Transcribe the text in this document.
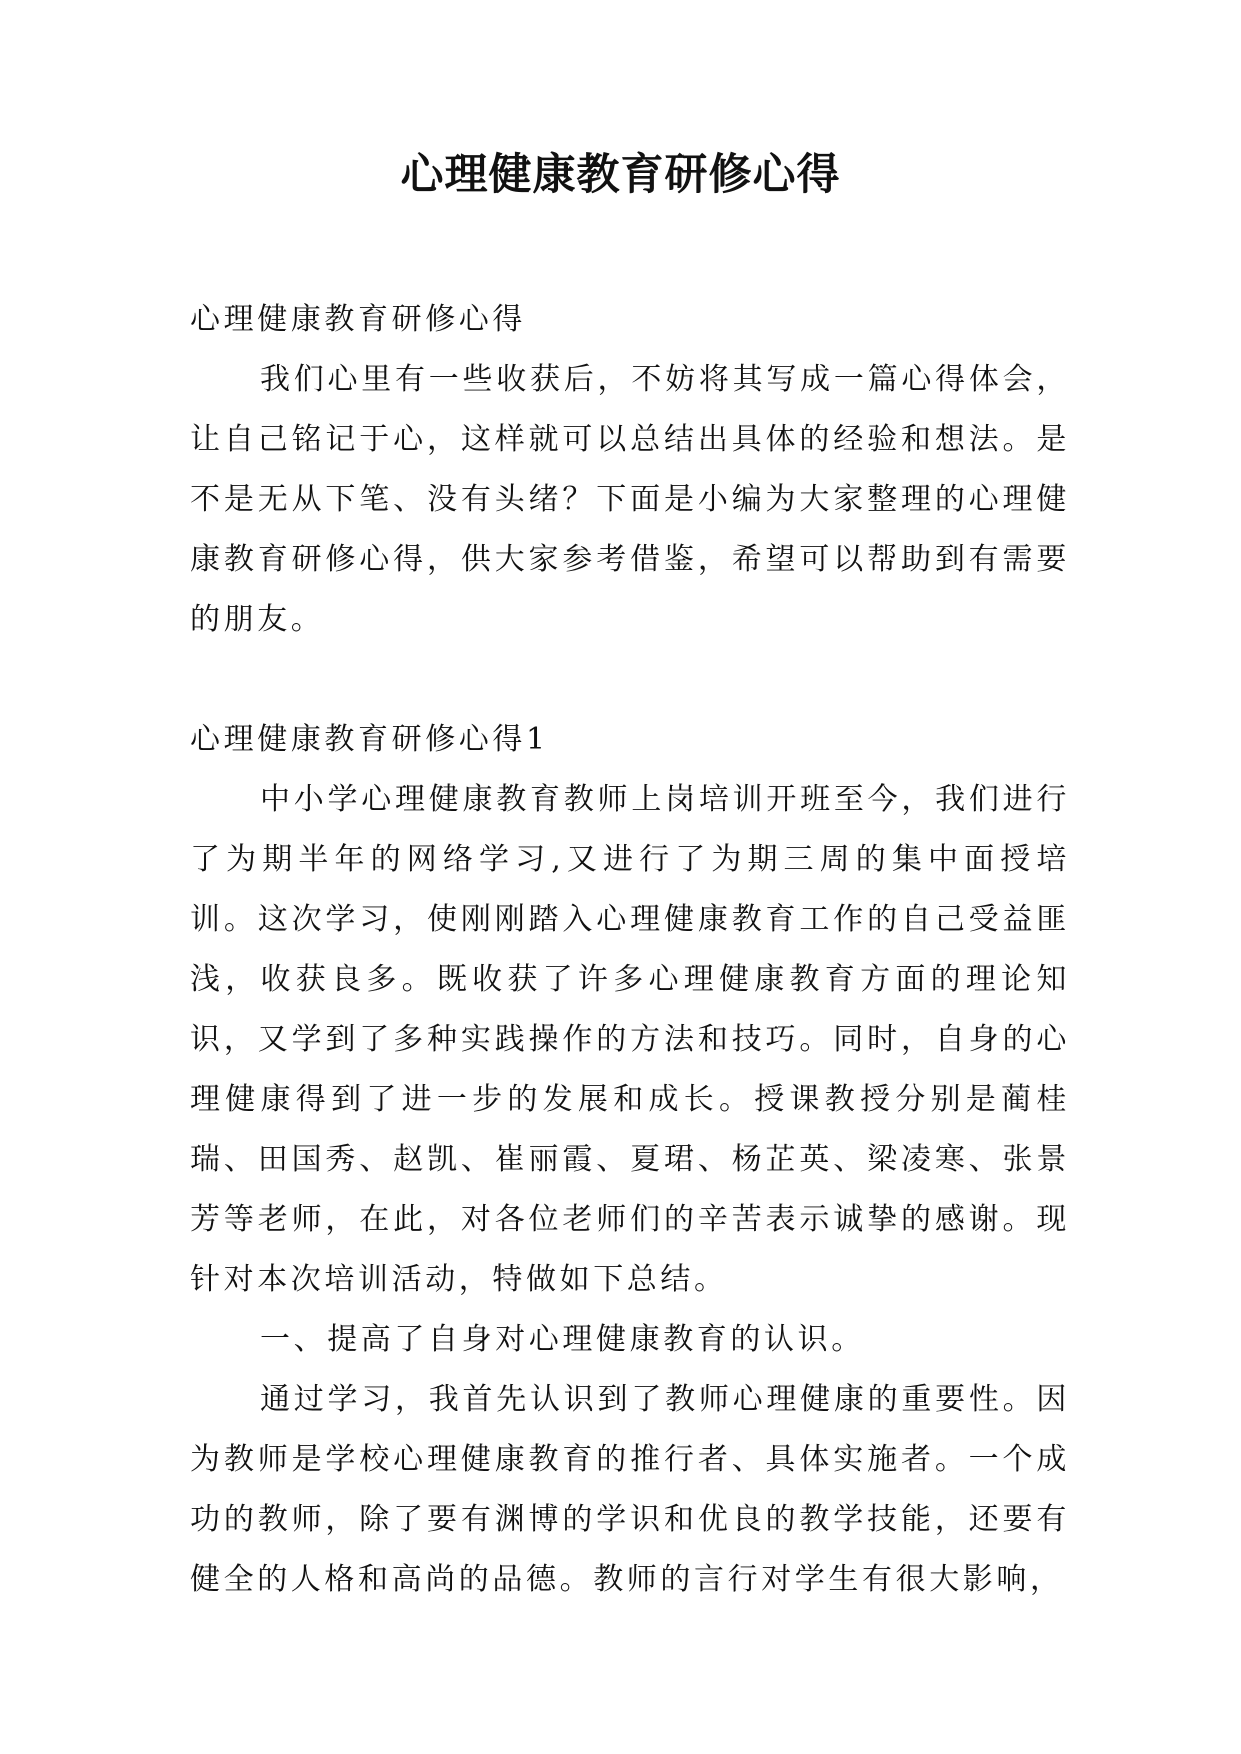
心理健康教育研修心得

心理健康教育研修心得

我们心里有一些收获后，不妨将其写成一篇心得体会，让自己铭记于心，这样就可以总结出具体的经验和想法。是不是无从下笔、没有头绪？下面是小编为大家整理的心理健康教育研修心得，供大家参考借鉴，希望可以帮助到有需要的朋友。

心理健康教育研修心得1

中小学心理健康教育教师上岗培训开班至今，我们进行了为期半年的网络学习,又进行了为期三周的集中面授培训。这次学习，使刚刚踏入心理健康教育工作的自己受益匪浅，收获良多。既收获了许多心理健康教育方面的理论知识，又学到了多种实践操作的方法和技巧。同时，自身的心理健康得到了进一步的发展和成长。授课教授分别是蔺桂瑞、田国秀、赵凯、崔丽霞、夏珺、杨芷英、梁凌寒、张景芳等老师，在此，对各位老师们的辛苦表示诚挚的感谢。现针对本次培训活动，特做如下总结。

一、提高了自身对心理健康教育的认识。

通过学习，我首先认识到了教师心理健康的重要性。因为教师是学校心理健康教育的推行者、具体实施者。一个成功的教师，除了要有渊博的学识和优良的教学技能，还要有健全的人格和高尚的品德。教师的言行对学生有很大影响，
